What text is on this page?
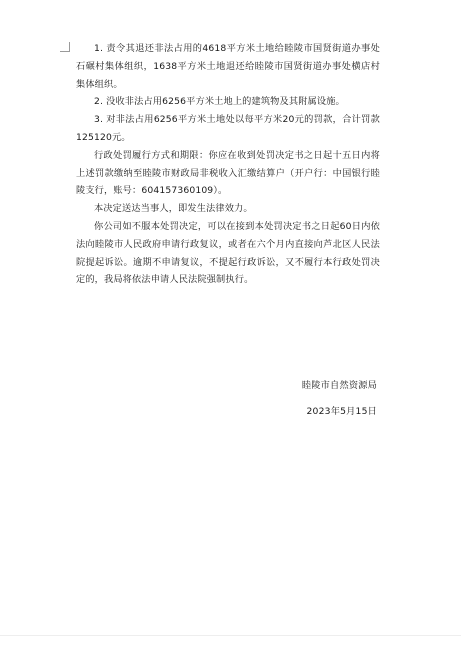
1. 责令其退还非法占用的4618平方米土地给睦陵市国贤街道办事处石碾村集体组织，1638平方米土地退还给睦陵市国贤街道办事处横店村集体组织。

2. 没收非法占用6256平方米土地上的建筑物及其附属设施。

3. 对非法占用6256平方米土地处以每平方米20元的罚款，合计罚款125120元。

行政处罚履行方式和期限：你应在收到处罚决定书之日起十五日内将上述罚款缴纳至睦陵市财政局非税收入汇缴结算户（开户行：中国银行睦陵支行，账号：604157360109）。

本决定送达当事人，即发生法律效力。

你公司如不服本处罚决定，可以在接到本处罚决定书之日起60日内依法向睦陵市人民政府申请行政复议，或者在六个月内直接向芦北区人民法院提起诉讼。逾期不申请复议，不提起行政诉讼，又不履行本行政处罚决定的，我局将依法申请人民法院强制执行。

睦陵市自然资源局
2023年5月15日
